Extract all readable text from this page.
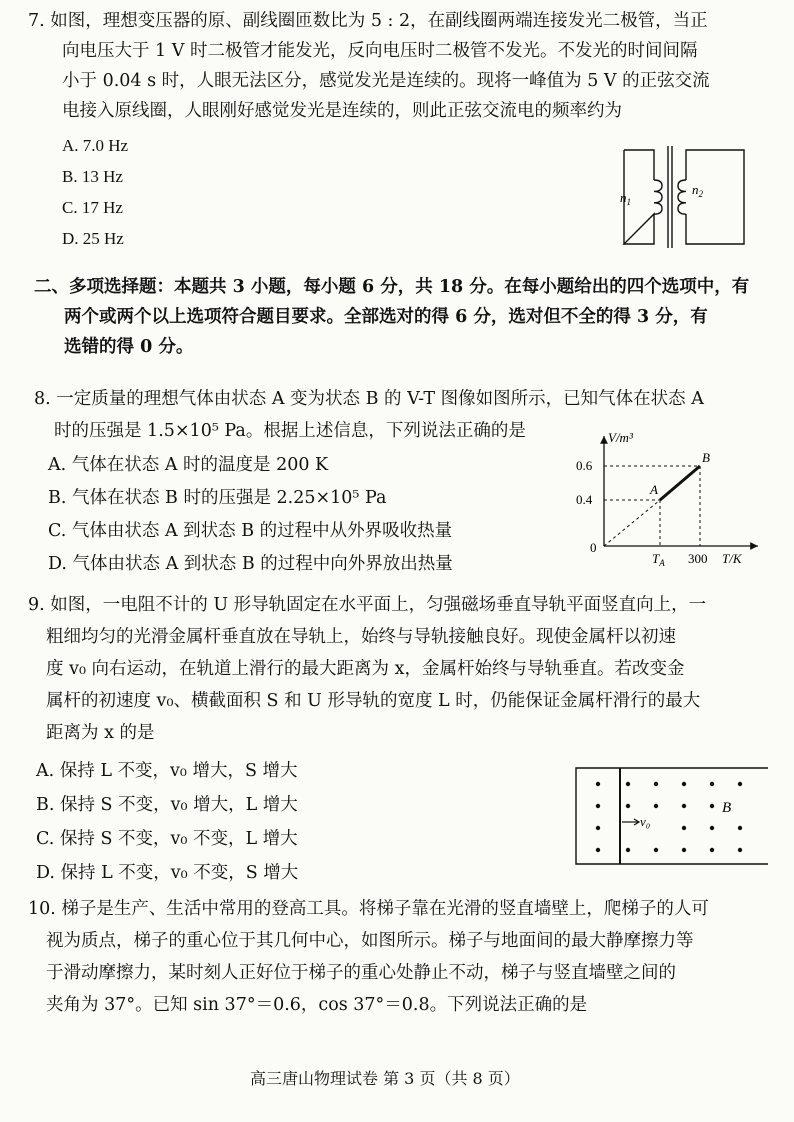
7. 如图，理想变压器的原、副线圈匝数比为 5 : 2，在副线圈两端连接发光二极管，当正
向电压大于 1 V 时二极管才能发光，反向电压时二极管不发光。不发光的时间间隔
小于 0.04 s 时，人眼无法区分，感觉发光是连续的。现将一峰值为 5 V 的正弦交流
电接入原线圈，人眼刚好感觉发光是连续的，则此正弦交流电的频率约为
A. 7.0 Hz
B. 13 Hz
C. 17 Hz
D. 25 Hz
$n_1$
$n_2$
二、多项选择题：本题共 3 小题，每小题 6 分，共 18 分。在每小题给出的四个选项中，有
两个或两个以上选项符合题目要求。全部选对的得 6 分，选对但不全的得 3 分，有
选错的得 0 分。
8. 一定质量的理想气体由状态 A 变为状态 B 的 V-T 图像如图所示，已知气体在状态 A
时的压强是 1.5×10⁵ Pa。根据上述信息，下列说法正确的是
A. 气体在状态 A 时的温度是 200 K
B. 气体在状态 B 时的压强是 2.25×10⁵ Pa
C. 气体由状态 A 到状态 B 的过程中从外界吸收热量
D. 气体由状态 A 到状态 B 的过程中向外界放出热量
V/m³
0.6
0.4
0
$T_A$ 300 T/K
A
B
9. 如图，一电阻不计的 U 形导轨固定在水平面上，匀强磁场垂直导轨平面竖直向上，一
粗细均匀的光滑金属杆垂直放在导轨上，始终与导轨接触良好。现使金属杆以初速
度 v₀ 向右运动，在轨道上滑行的最大距离为 x，金属杆始终与导轨垂直。若改变金
属杆的初速度 v₀、横截面积 S 和 U 形导轨的宽度 L 时，仍能保证金属杆滑行的最大
距离为 x 的是
A. 保持 L 不变，v₀ 增大，S 增大
B. 保持 S 不变，v₀ 增大，L 增大
C. 保持 S 不变，v₀ 不变，L 增大
D. 保持 L 不变，v₀ 不变，S 增大
v₀
B
10. 梯子是生产、生活中常用的登高工具。将梯子靠在光滑的竖直墙壁上，爬梯子的人可
视为质点，梯子的重心位于其几何中心，如图所示。梯子与地面间的最大静摩擦力等
于滑动摩擦力，某时刻人正好位于梯子的重心处静止不动，梯子与竖直墙壁之间的
夹角为 37°。已知 sin 37°＝0.6，cos 37°＝0.8。下列说法正确的是
高三唐山物理试卷 第 3 页（共 8 页）
